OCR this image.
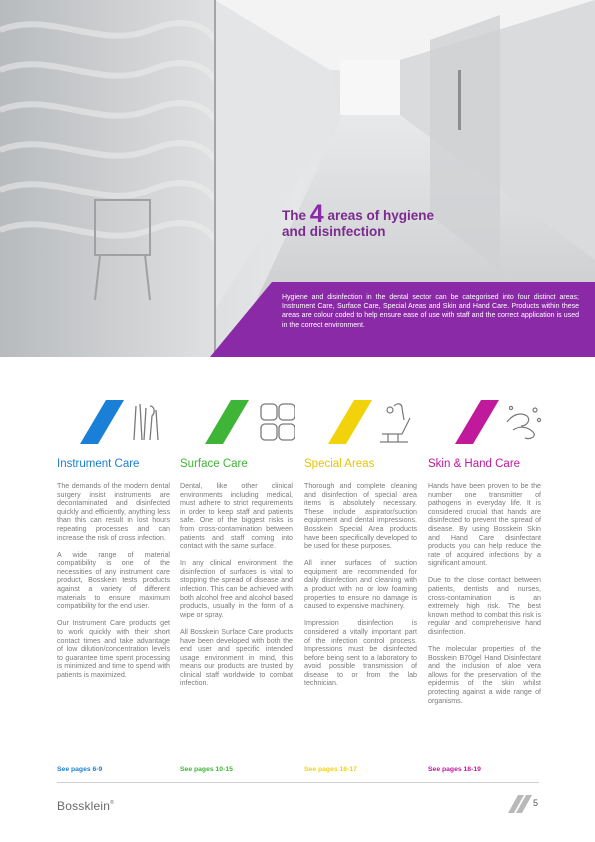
The 4 areas of hygiene
and disinfection
Hygiene and disinfection in the dental sector can be categorised into four distinct areas; Instrument Care, Surface Care, Special Areas and Skin and Hand Care. Products within these areas are colour coded to help ensure ease of use with staff and the correct application is used in the correct environment.
Instrument Care

The demands of the modern dental surgery insist instruments are decontaminated and disinfected quickly and efficiently, anything less than this can result in lost hours repeating processes and can increase the risk of cross infection.

A wide range of material compatibility is one of the necessities of any instrument care product, Bosskein tests products against a variety of different materials to ensure maximum compatibility for the end user.

Our Instrument Care products get to work quickly with their short contact times and take advantage of low dilution/concentration levels to guarantee time spent processing is minimized and time to spend with patients is maximized.

See pages 6-9
Surface Care

Dental, like other clinical environments including medical, must adhere to strict requirements in order to keep staff and patients safe. One of the biggest risks is from cross-contamination between patients and staff coming into contact with the same surface.

In any clinical environment the disinfection of surfaces is vital to stopping the spread of disease and infection. This can be achieved with both alcohol free and alcohol based products, usually in the form of a wipe or spray.

All Bosskein Surface Care products have been developed with both the end user and specific intended usage environment in mind, this means our products are trusted by clinical staff worldwide to combat infection.

See pages 10-15
Special Areas

Thorough and complete cleaning and disinfection of special area items is absolutely necessary. These include aspirator/suction equipment and dental impressions. Bosskein Special Area products have been specifically developed to be used for these purposes.

All inner surfaces of suction equipment are recommended for daily disinfection and cleaning with a product with no or low foaming properties to ensure no damage is caused to expensive machinery.

Impression disinfection is considered a vitally important part of the infection control process. Impressions must be disinfected before being sent to a laboratory to avoid possible transmission of disease to or from the lab technician.

See pages 16-17
Skin & Hand Care

Hands have been proven to be the number one transmitter of pathogens in everyday life. It is considered crucial that hands are disinfected to prevent the spread of disease. By using Bosskein Skin and Hand Care disinfectant products you can help reduce the rate of acquired infections by a significant amount.

Due to the close contact between patients, dentists and nurses, cross-contamination is an extremely high risk. The best known method to combat this risk is regular and comprehensive hand disinfection.

The molecular properties of the Bosskein B70gel Hand Disinfectant and the inclusion of aloe vera allows for the preservation of the epidermis of the skin whilst protecting against a wide range of organisms.

See pages 18-19
Bossklein®	5
